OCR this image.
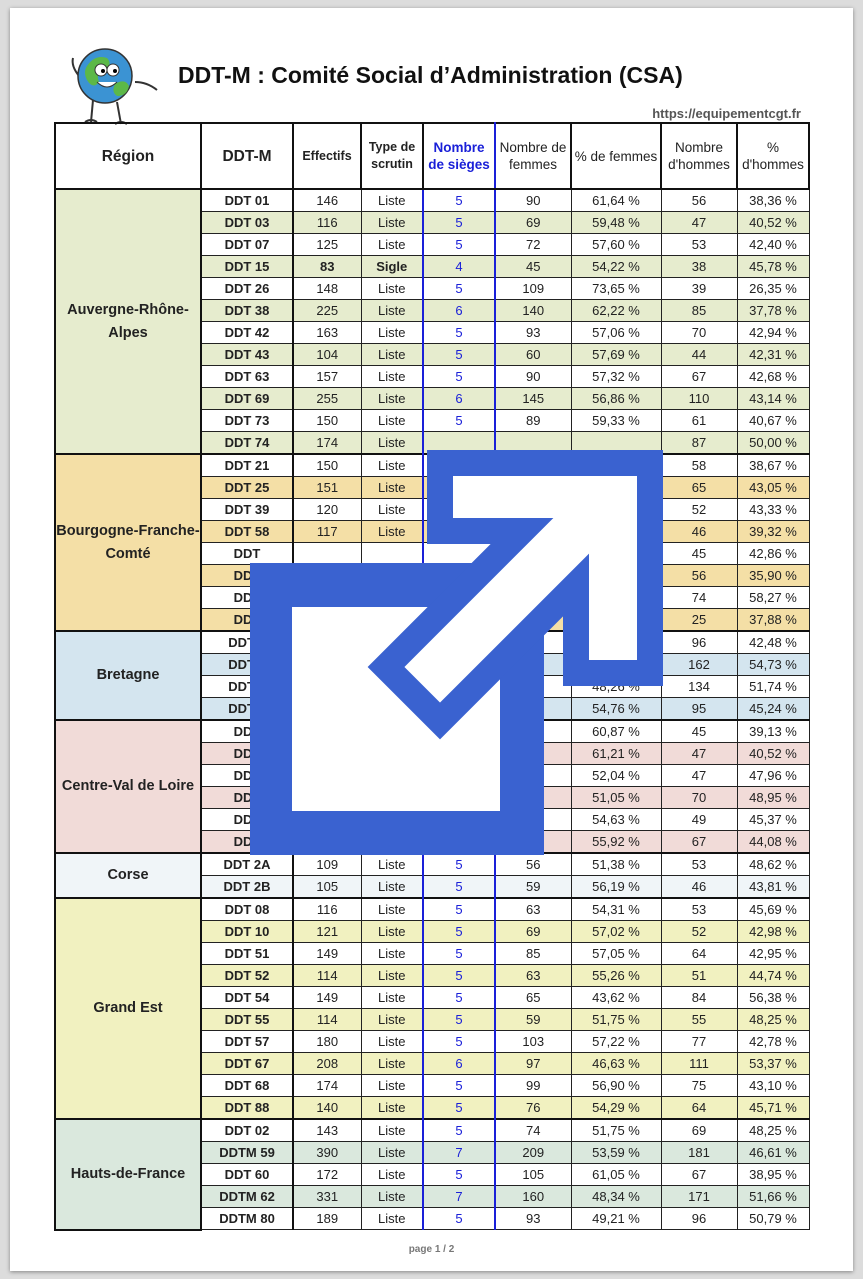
DDT-M : Comité Social d’Administration (CSA)
https://equipementcgt.fr
Région	DDT-M	Effectifs	Type de scrutin	Nombre de sièges	Nombre de femmes	% de femmes	Nombre d'hommes	% d'hommes
Auvergne-Rhône-Alpes	DDT 01	146	Liste	5	90	61,64 %	56	38,36 %
	DDT 03	116	Liste	5	69	59,48 %	47	40,52 %
	DDT 07	125	Liste	5	72	57,60 %	53	42,40 %
	DDT 15	83	Sigle	4	45	54,22 %	38	45,78 %
	DDT 26	148	Liste	5	109	73,65 %	39	26,35 %
	DDT 38	225	Liste	6	140	62,22 %	85	37,78 %
	DDT 42	163	Liste	5	93	57,06 %	70	42,94 %
	DDT 43	104	Liste	5	60	57,69 %	44	42,31 %
	DDT 63	157	Liste	5	90	57,32 %	67	42,68 %
	DDT 69	255	Liste	6	145	56,86 %	110	43,14 %
	DDT 73	150	Liste	5	89	59,33 %	61	40,67 %
	DDT 74	174	Liste				87	50,00 %
Bourgogne-Franche-Comté	DDT 21	150	Liste				58	38,67 %
	DDT 25	151	Liste				65	43,05 %
	DDT 39	120	Liste				52	43,33 %
	DDT 58	117	Liste				46	39,32 %
	DDT						45	42,86 %
	DDT						56	35,90 %
	DDT						74	58,27 %
	DDT						25	37,88 %
Bretagne	DDTM						96	42,48 %
	DDTM						162	54,73 %
	DDTM					48,26 %	134	51,74 %
	DDTM					54,76 %	95	45,24 %
Centre-Val de Loire	DDT					60,87 %	45	39,13 %
	DDT					61,21 %	47	40,52 %
	DDT					52,04 %	47	47,96 %
	DDT					51,05 %	70	48,95 %
	DDT					54,63 %	49	45,37 %
	DDT					55,92 %	67	44,08 %
Corse	DDT 2A	109	Liste	5	56	51,38 %	53	48,62 %
	DDT 2B	105	Liste	5	59	56,19 %	46	43,81 %
Grand Est	DDT 08	116	Liste	5	63	54,31 %	53	45,69 %
	DDT 10	121	Liste	5	69	57,02 %	52	42,98 %
	DDT 51	149	Liste	5	85	57,05 %	64	42,95 %
	DDT 52	114	Liste	5	63	55,26 %	51	44,74 %
	DDT 54	149	Liste	5	65	43,62 %	84	56,38 %
	DDT 55	114	Liste	5	59	51,75 %	55	48,25 %
	DDT 57	180	Liste	5	103	57,22 %	77	42,78 %
	DDT 67	208	Liste	6	97	46,63 %	111	53,37 %
	DDT 68	174	Liste	5	99	56,90 %	75	43,10 %
	DDT 88	140	Liste	5	76	54,29 %	64	45,71 %
Hauts-de-France	DDT 02	143	Liste	5	74	51,75 %	69	48,25 %
	DDTM 59	390	Liste	7	209	53,59 %	181	46,61 %
	DDT 60	172	Liste	5	105	61,05 %	67	38,95 %
	DDTM 62	331	Liste	7	160	48,34 %	171	51,66 %
	DDTM 80	189	Liste	5	93	49,21 %	96	50,79 %
page 1 / 2
